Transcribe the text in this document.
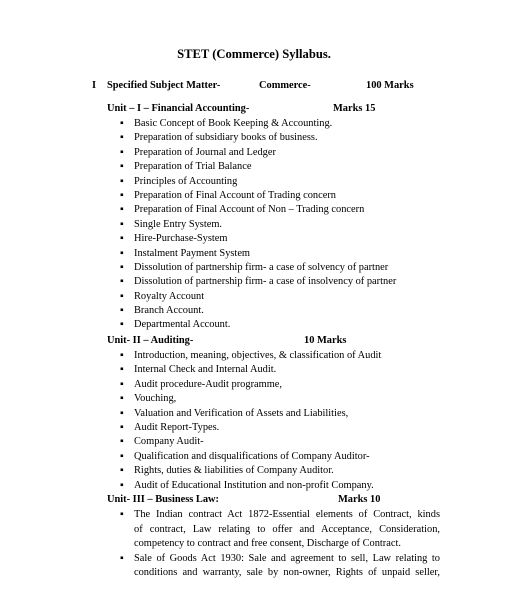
STET (Commerce) Syllabus.
I Specified Subject Matter-	Commerce-	100 Marks
Unit – I – Financial Accounting-	Marks 15
▪ Basic Concept of Book Keeping & Accounting.
▪ Preparation of subsidiary books of business.
▪ Preparation of Journal and Ledger
▪ Preparation of Trial Balance
▪ Principles of Accounting
▪ Preparation of Final Account of Trading concern
▪ Preparation of Final Account of Non – Trading concern
▪ Single Entry System.
▪ Hire-Purchase-System
▪ Instalment Payment System
▪ Dissolution of partnership firm- a case of solvency of partner
▪ Dissolution of partnership firm- a case of insolvency of partner
▪ Royalty Account
▪ Branch Account.
▪ Departmental Account.
Unit- II – Auditing-	10 Marks
▪ Introduction, meaning, objectives, & classification of Audit
▪ Internal Check and Internal Audit.
▪ Audit procedure-Audit programme,
▪ Vouching,
▪ Valuation and Verification of Assets and Liabilities,
▪ Audit Report-Types.
▪ Company Audit-
▪ Qualification and disqualifications of Company Auditor-
▪ Rights, duties & liabilities of Company Auditor.
▪ Audit of Educational Institution and non-profit Company.
Unit- III – Business Law:	Marks 10
▪ The Indian contract Act 1872-Essential elements of Contract, kinds
of contract, Law relating to offer and Acceptance, Consideration,
competency to contract and free consent, Discharge of Contract.
▪ Sale of Goods Act 1930: Sale and agreement to sell, Law relating to
conditions and warranty, sale by non-owner, Rights of unpaid seller,
